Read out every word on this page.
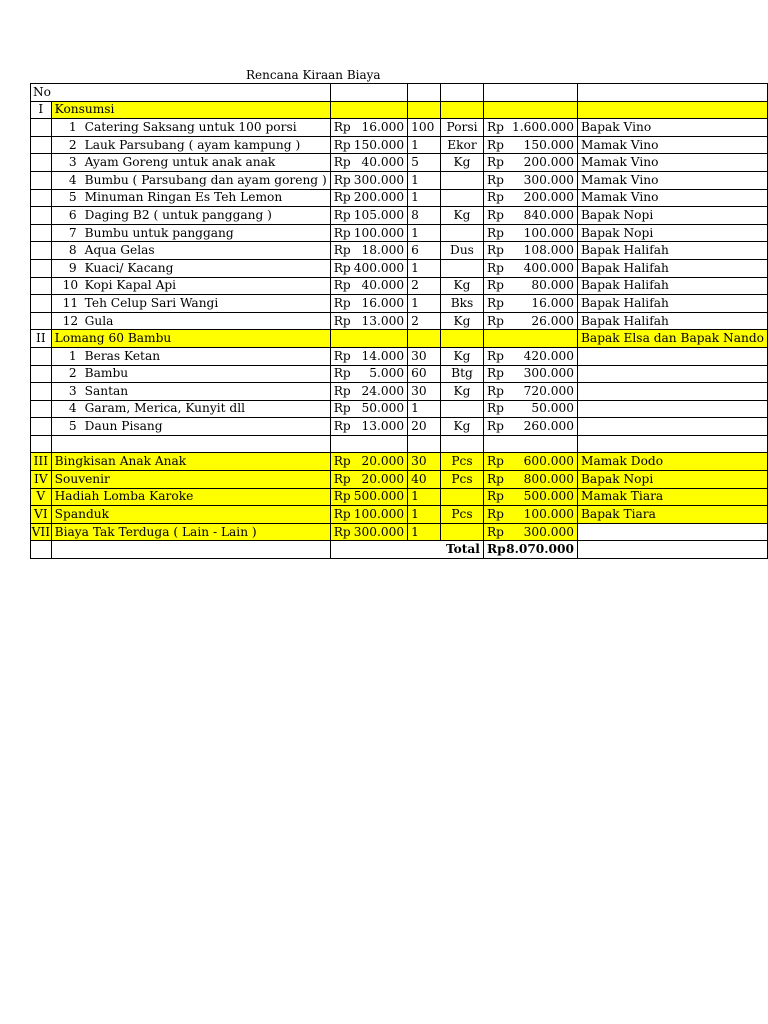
Rencana Kiraan Biaya
No						
I	Konsumsi					
	1 Catering Saksang untuk 100 porsi	Rp 16.000	100	Porsi	Rp 1.600.000	Bapak Vino
	2 Lauk Parsubang ( ayam kampung )	Rp 150.000	1	Ekor	Rp 150.000	Mamak Vino
	3 Ayam Goreng untuk anak anak	Rp 40.000	5	Kg	Rp 200.000	Mamak Vino
	4 Bumbu ( Parsubang dan ayam goreng )	Rp 300.000	1		Rp 300.000	Mamak Vino
	5 Minuman Ringan Es Teh Lemon	Rp 200.000	1		Rp 200.000	Mamak Vino
	6 Daging B2 ( untuk panggang )	Rp 105.000	8	Kg	Rp 840.000	Bapak Nopi
	7 Bumbu untuk panggang	Rp 100.000	1		Rp 100.000	Bapak Nopi
	8 Aqua Gelas	Rp 18.000	6	Dus	Rp 108.000	Bapak Halifah
	9 Kuaci/ Kacang	Rp 400.000	1		Rp 400.000	Bapak Halifah
	10 Kopi Kapal Api	Rp 40.000	2	Kg	Rp 80.000	Bapak Halifah
	11 Teh Celup Sari Wangi	Rp 16.000	1	Bks	Rp 16.000	Bapak Halifah
	12 Gula	Rp 13.000	2	Kg	Rp 26.000	Bapak Halifah
II	Lomang 60 Bambu					Bapak Elsa dan Bapak Nando
	1 Beras Ketan	Rp 14.000	30	Kg	Rp 420.000	

	2 Bambu	Rp 5.000	60	Btg	Rp 300.000	

	3 Santan	Rp 24.000	30	Kg	Rp 720.000	

	4 Garam, Merica, Kunyit dll	Rp 50.000	1		Rp 50.000	

	5 Daun Pisang	Rp 13.000	20	Kg	Rp 260.000	

III	Bingkisan Anak Anak	Rp 20.000	30	Pcs	Rp 600.000	Mamak Dodo
IV	Souvenir	Rp 20.000	40	Pcs	Rp 800.000	Bapak Nopi
V	Hadiah Lomba Karoke	Rp 500.000	1		Rp 500.000	Mamak Tiara
VI	Spanduk	Rp 100.000	1	Pcs	Rp 100.000	Bapak Tiara
VII	Biaya Tak Terduga ( Lain - Lain )	Rp 300.000	1		Rp 300.000	

		Total			Rp 8.070.000	
